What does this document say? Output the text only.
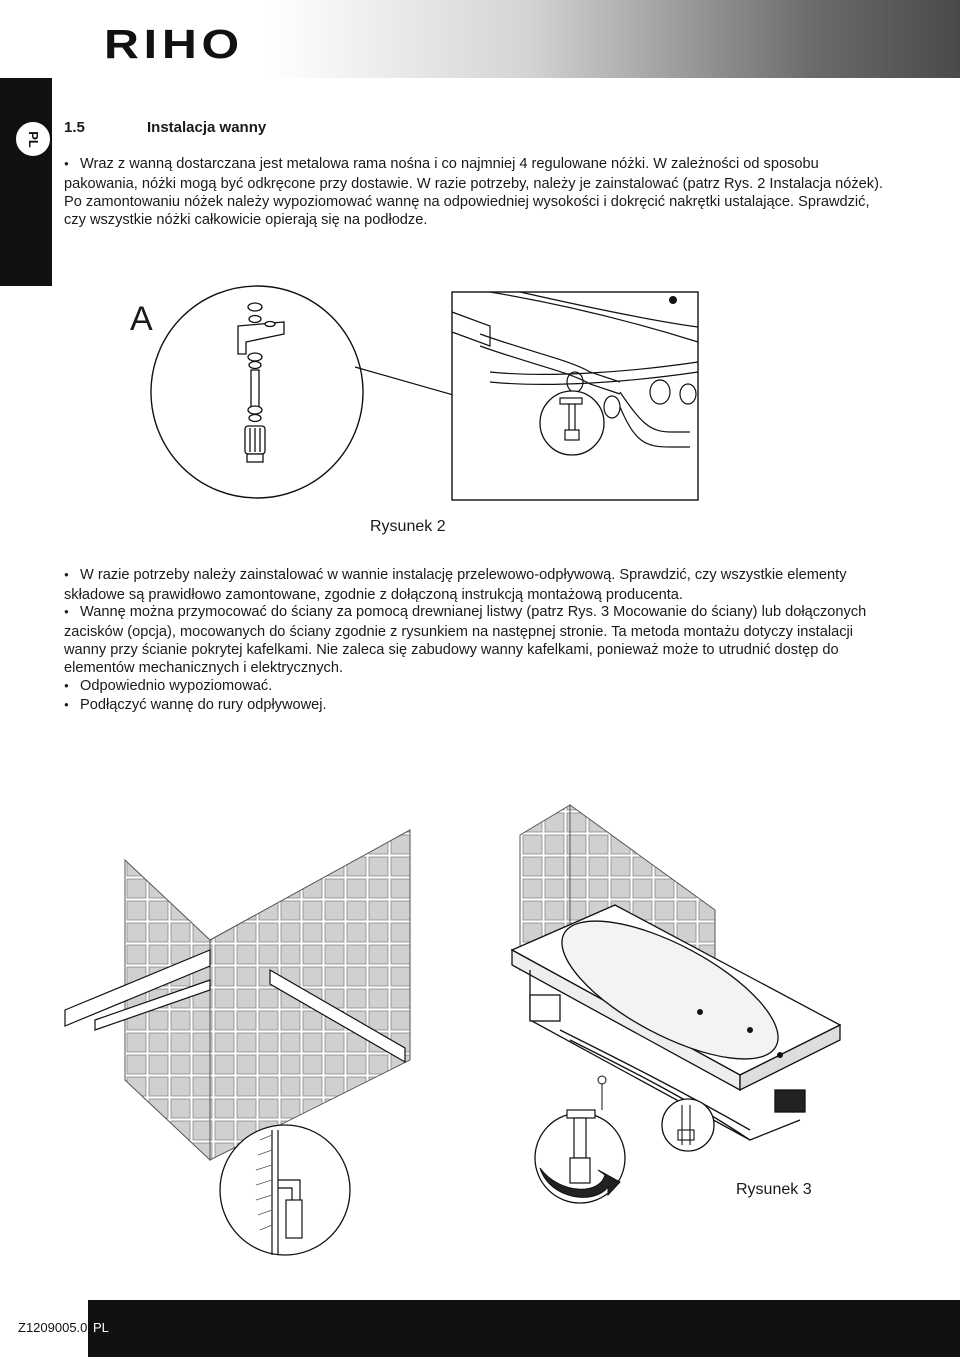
RIHO
PL
1.5	Instalacja wanny

●Wraz z wanną dostarczana jest metalowa rama nośna i co najmniej 4 regulowane nóżki. W zależności od sposobu pakowania, nóżki mogą być odkręcone przy dostawie. W razie potrzeby, należy je zainstalować (patrz Rys. 2 Instalacja nóżek). Po zamontowaniu nóżek należy wypoziomować wannę na odpowiedniej wysokości i dokręcić nakrętki ustalające. Sprawdzić, czy wszystkie nóżki całkowicie opierają się na podłodze.

A
Rysunek 2

●W razie potrzeby należy zainstalować w wannie instalację przelewowo-odpływową. Sprawdzić, czy wszystkie elementy składowe są prawidłowo zamontowane, zgodnie z dołączoną instrukcją montażową producenta.

●Wannę można przymocować do ściany za pomocą drewnianej listwy (patrz Rys. 3 Mocowanie do ściany) lub dołączonych zacisków (opcja), mocowanych do ściany zgodnie z rysunkiem na następnej stronie. Ta metoda montażu dotyczy instalacji wanny przy ścianie pokrytej kafelkami. Nie zaleca się zabudowy wanny kafelkami, ponieważ może to utrudnić dostęp do elementów mechanicznych i elektrycznych.

●Odpowiednio wypoziomować.

●Podłączyć wannę do rury odpływowej.

Rysunek 3
Z1209005.0 PL
